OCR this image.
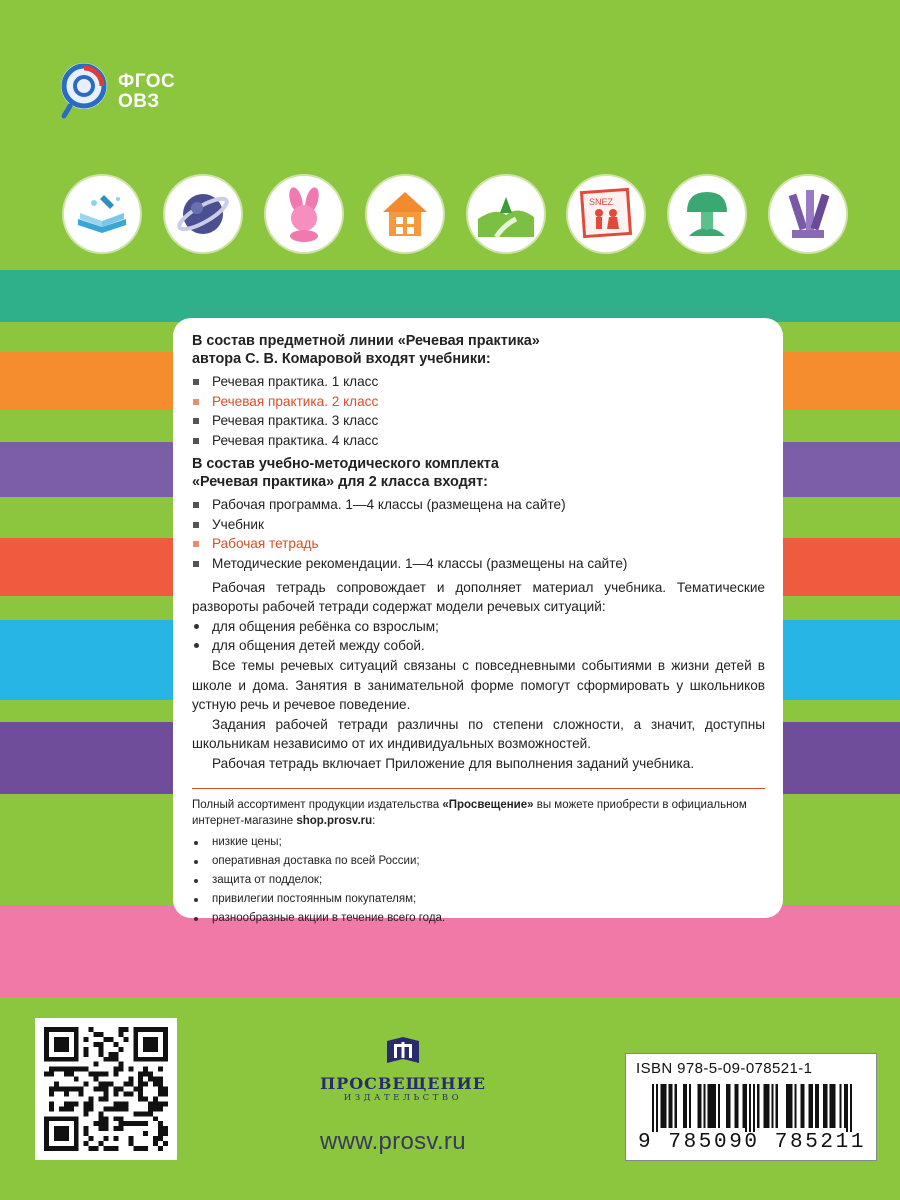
ФГОС
ОВЗ
SNEZ

В состав предметной линии «Речевая практика»

автора С. В. Комаровой входят учебники:

Речевая практика. 1 класс
Речевая практика. 2 класс
Речевая практика. 3 класс
Речевая практика. 4 класс

В состав учебно-методического комплекта

«Речевая практика» для 2 класса входят:

Рабочая программа. 1—4 классы (размещена на сайте)
Учебник
Рабочая тетрадь
Методические рекомендации. 1—4 классы (размещены на сайте)

Рабочая тетрадь сопровождает и дополняет материал учебника. Тематические развороты рабочей тетради содержат модели речевых ситуаций:

для общения ребёнка со взрослым;
для общения детей между собой.

Все темы речевых ситуаций связаны с повседневными событиями в жизни детей в школе и дома. Занятия в занимательной форме помогут сформировать у школьников устную речь и речевое поведение.

Задания рабочей тетради различны по степени сложности, а значит, доступны школьникам независимо от их индивидуальных возможностей.

Рабочая тетрадь включает Приложение для выполнения заданий учебника.

Полный ассортимент продукции издательства «Просвещение» вы можете приобрести в официальном интернет-магазине shop.prosv.ru:

низкие цены;
оперативная доставка по всей России;
защита от подделок;
привилегии постоянным покупателям;
разнообразные акции в течение всего года.
ПРОСВЕЩЕНИЕ
ИЗДАТЕЛЬСТВО
www.prosv.ru
ISBN 978-5-09-078521-1
9 785090 785211
